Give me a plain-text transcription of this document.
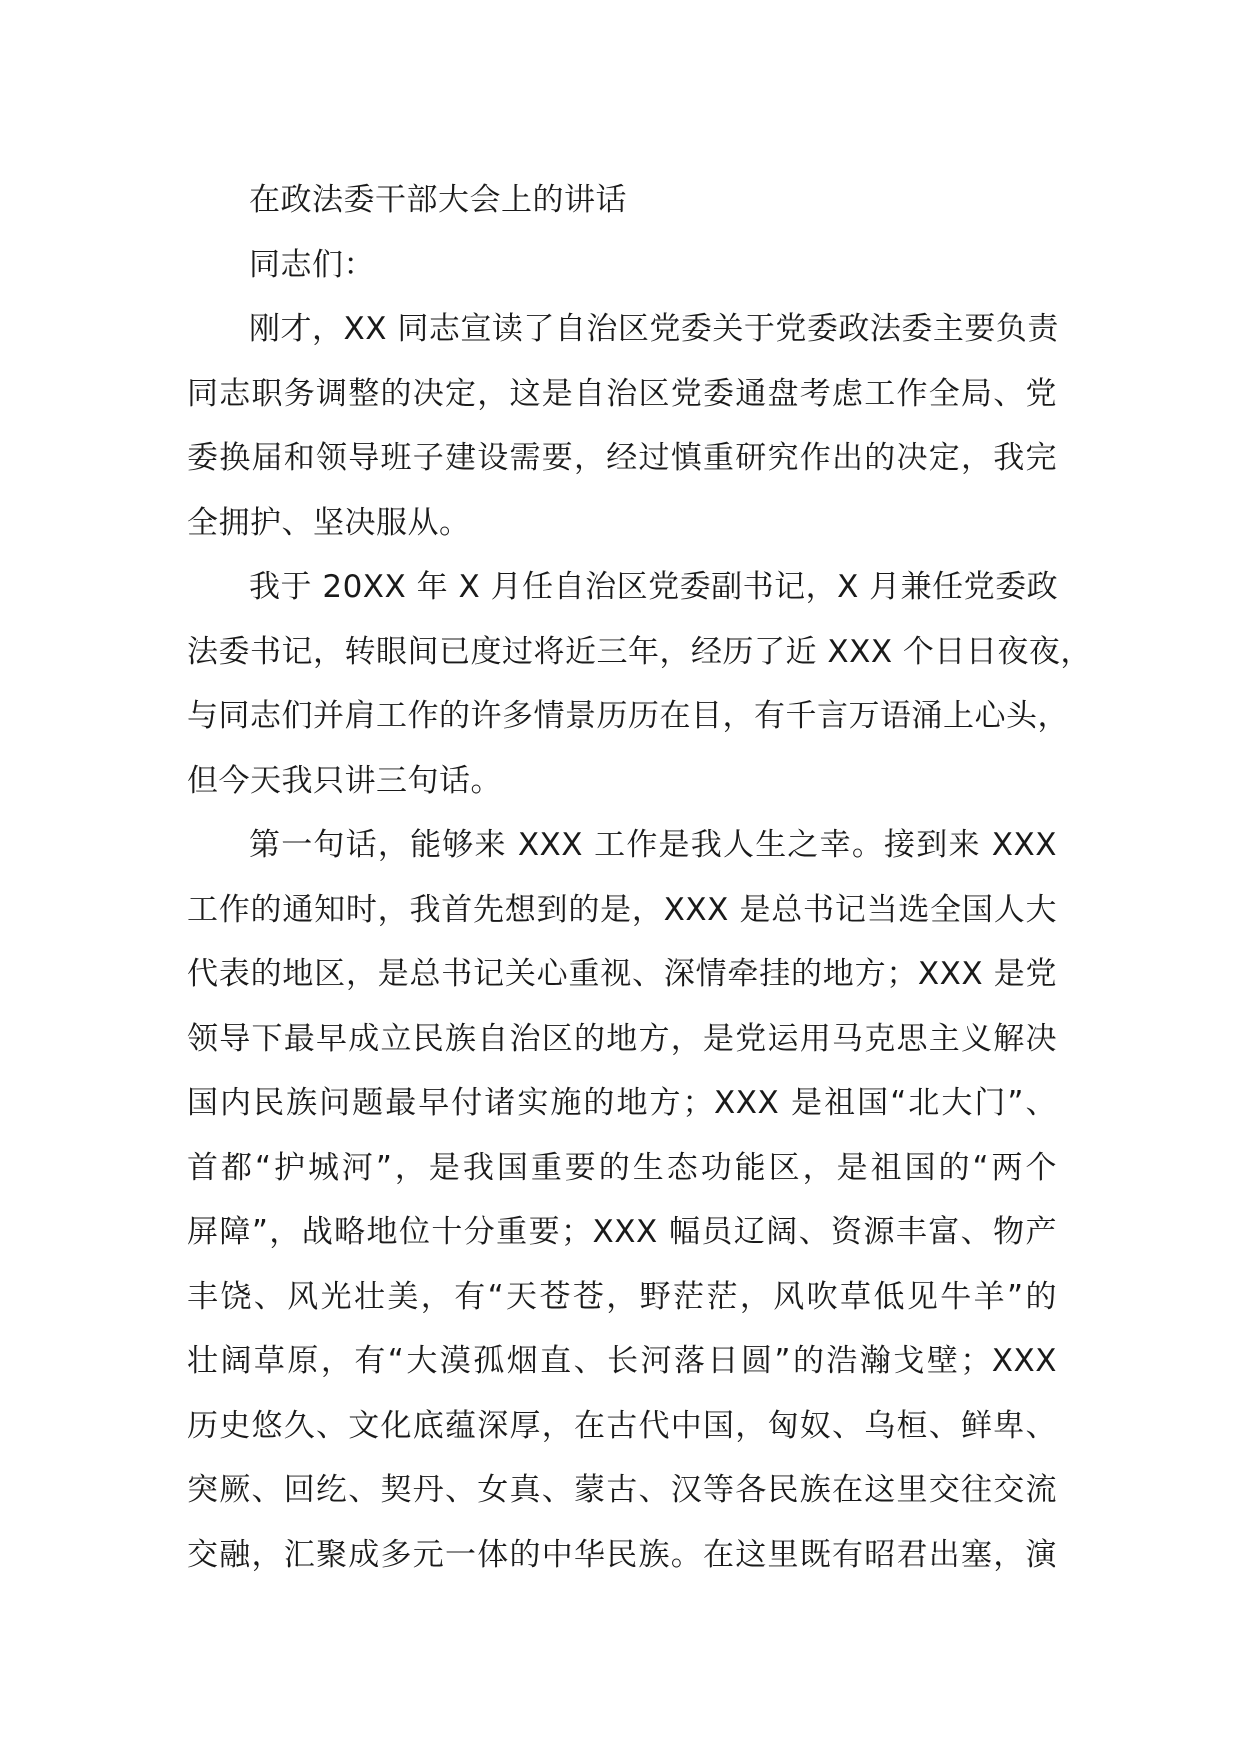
在政法委干部大会上的讲话
同志们：
刚才，XX 同志宣读了自治区党委关于党委政法委主要负责
同志职务调整的决定，这是自治区党委通盘考虑工作全局、党
委换届和领导班子建设需要，经过慎重研究作出的决定，我完
全拥护、坚决服从。
我于 20XX 年 X 月任自治区党委副书记，X 月兼任党委政
法委书记，转眼间已度过将近三年，经历了近 XXX 个日日夜夜，
与同志们并肩工作的许多情景历历在目，有千言万语涌上心头，
但今天我只讲三句话。
第一句话，能够来 XXX 工作是我人生之幸。接到来 XXX
工作的通知时，我首先想到的是，XXX 是总书记当选全国人大
代表的地区，是总书记关心重视、深情牵挂的地方；XXX 是党
领导下最早成立民族自治区的地方，是党运用马克思主义解决
国内民族问题最早付诸实施的地方；XXX 是祖国“北大门”、
首都“护城河”，是我国重要的生态功能区，是祖国的“两个
屏障”，战略地位十分重要；XXX 幅员辽阔、资源丰富、物产
丰饶、风光壮美，有“天苍苍，野茫茫，风吹草低见牛羊”的
壮阔草原，有“大漠孤烟直、长河落日圆”的浩瀚戈壁；XXX
历史悠久、文化底蕴深厚，在古代中国，匈奴、乌桓、鲜卑、
突厥、回纥、契丹、女真、蒙古、汉等各民族在这里交往交流
交融，汇聚成多元一体的中华民族。在这里既有昭君出塞，演
